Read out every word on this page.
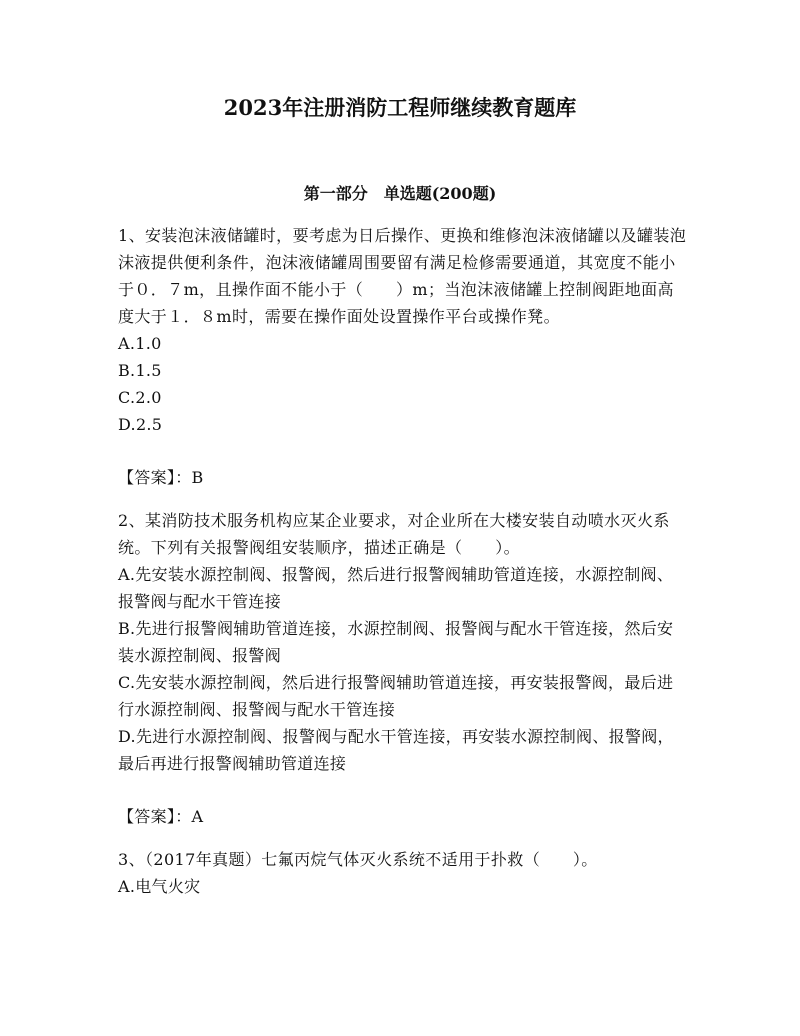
2023年注册消防工程师继续教育题库
第一部分　单选题(200题)

1、安装泡沫液储罐时，要考虑为日后操作、更换和维修泡沫液储罐以及罐装泡沫液提供便利条件，泡沫液储罐周围要留有满足检修需要通道，其宽度不能小于０．７m，且操作面不能小于（　　）m；当泡沫液储罐上控制阀距地面高度大于１．８m时，需要在操作面处设置操作平台或操作凳。

A.1.0

B.1.5

C.2.0

D.2.5

【答案】：B

2、某消防技术服务机构应某企业要求，对企业所在大楼安装自动喷水灭火系统。下列有关报警阀组安装顺序，描述正确是（　　）。

A.先安装水源控制阀、报警阀，然后进行报警阀辅助管道连接，水源控制阀、报警阀与配水干管连接

B.先进行报警阀辅助管道连接，水源控制阀、报警阀与配水干管连接，然后安装水源控制阀、报警阀

C.先安装水源控制阀，然后进行报警阀辅助管道连接，再安装报警阀，最后进行水源控制阀、报警阀与配水干管连接

D.先进行水源控制阀、报警阀与配水干管连接，再安装水源控制阀、报警阀，最后再进行报警阀辅助管道连接

【答案】：A

3、（2017年真题）七氟丙烷气体灭火系统不适用于扑救（　　）。

A.电气火灾
